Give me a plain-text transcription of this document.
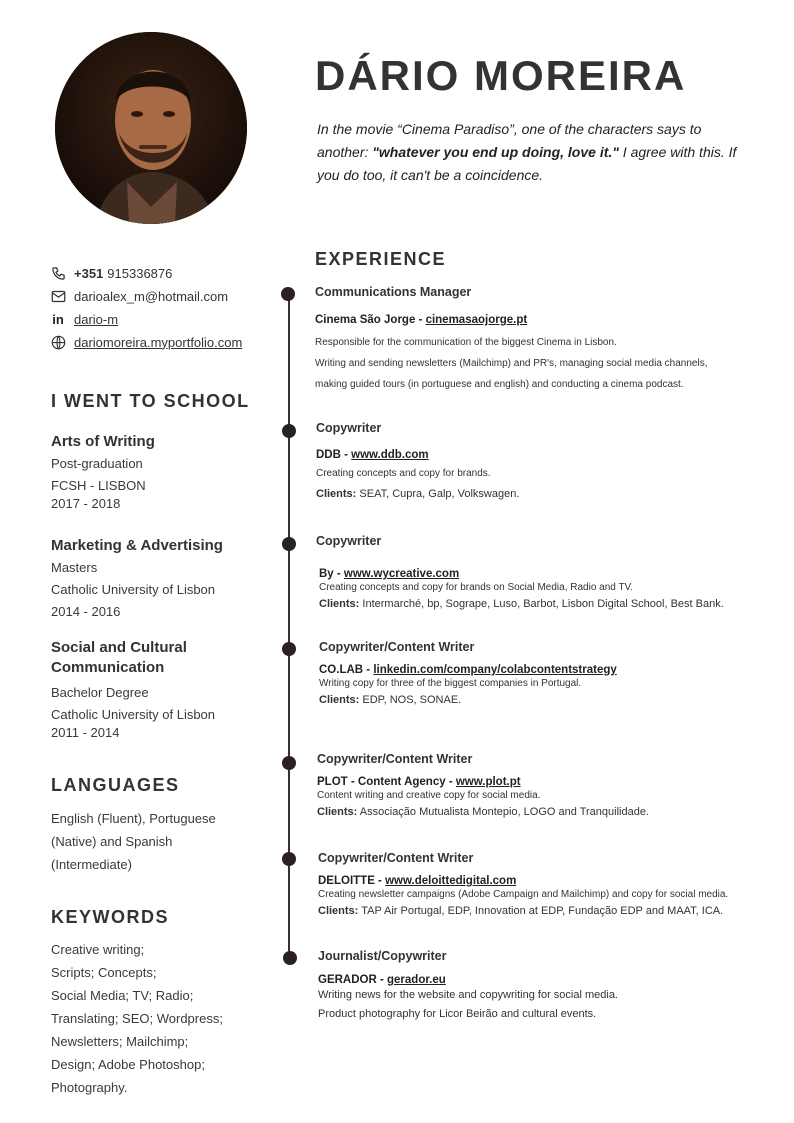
DÁRIO MOREIRA
In the movie “Cinema Paradiso”, one of the characters says to another: "whatever you end up doing, love it." I agree with this. If you do too, it can't be a coincidence.
+351 915336876
darioalex_m@hotmail.com
in dario-m
dariomoreira.myportfolio.com
I WENT TO SCHOOL
Arts of Writing
Post-graduation
FCSH - LISBON
2017 - 2018
Marketing & Advertising
Masters
Catholic University of Lisbon
2014 - 2016
Social and Cultural Communication
Bachelor Degree
Catholic University of Lisbon
2011 - 2014
LANGUAGES
English (Fluent), Portuguese
(Native) and Spanish
(Intermediate)
KEYWORDS
Creative writing;
Scripts; Concepts;
Social Media; TV; Radio;
Translating; SEO; Wordpress;
Newsletters; Mailchimp;
Design; Adobe Photoshop;
Photography.
EXPERIENCE
Communications Manager
Cinema São Jorge - cinemasaojorge.pt
Responsible for the communication of the biggest Cinema in Lisbon.
Writing and sending newsletters (Mailchimp) and PR's, managing social media channels,
making guided tours (in portuguese and english) and conducting a cinema podcast.
Copywriter
DDB - www.ddb.com
Creating concepts and copy for brands.
Clients: SEAT, Cupra, Galp, Volkswagen.
Copywriter
By - www.wycreative.com
Creating concepts and copy for brands on Social Media, Radio and TV.
Clients: Intermarché, bp, Sogrape, Luso, Barbot, Lisbon Digital School, Best Bank.
Copywriter/Content Writer
CO.LAB - linkedin.com/company/colabcontentstrategy
Writing copy for three of the biggest companies in Portugal.
Clients: EDP, NOS, SONAE.
Copywriter/Content Writer
PLOT - Content Agency - www.plot.pt
Content writing and creative copy for social media.
Clients: Associação Mutualista Montepio, LOGO and Tranquilidade.
Copywriter/Content Writer
DELOITTE - www.deloittedigital.com
Creating newsletter campaigns (Adobe Campaign and Mailchimp) and copy for social media.
Clients: TAP Air Portugal, EDP, Innovation at EDP, Fundação EDP and MAAT, ICA.
Journalist/Copywriter
GERADOR - gerador.eu
Writing news for the website and copywriting for social media.
Product photography for Licor Beirão and cultural events.
